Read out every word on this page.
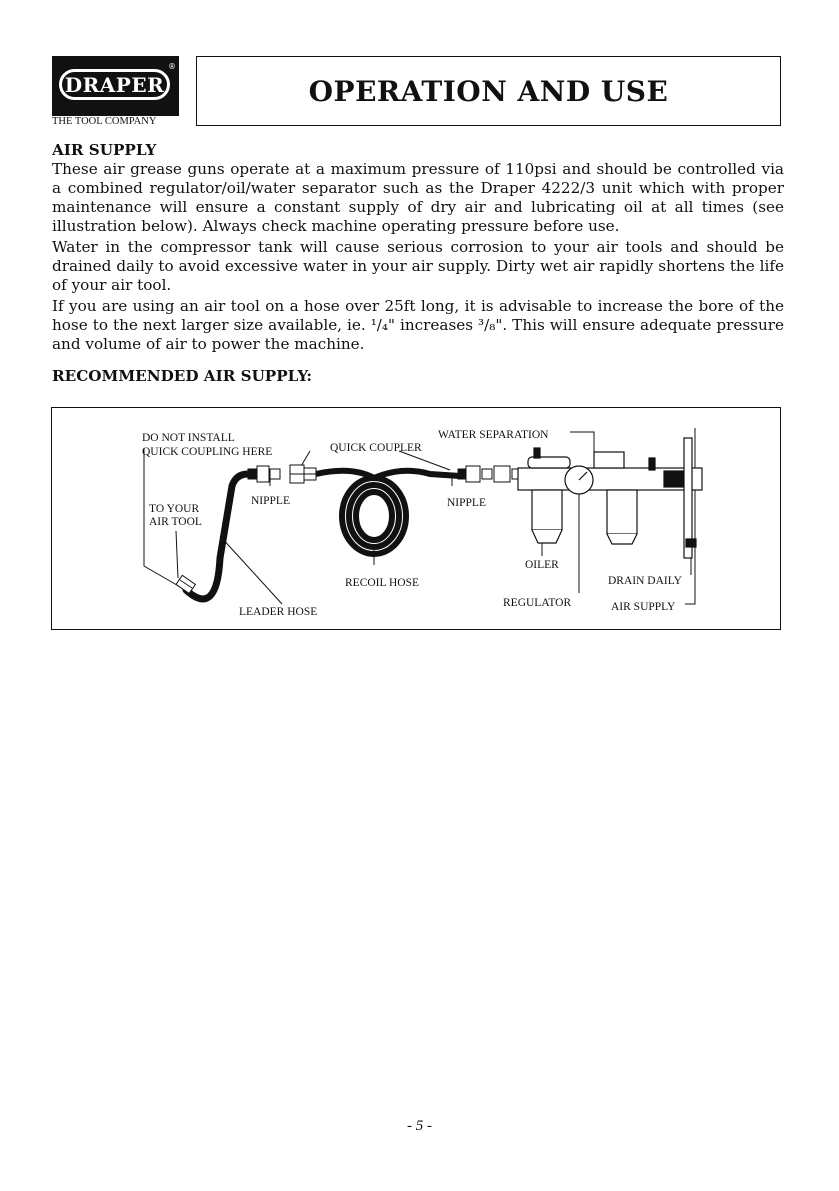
DRAPER
®
THE TOOL COMPANY
OPERATION AND USE
AIR SUPPLY

These air grease guns operate at a maximum pressure of 110psi and should be controlled via a combined regulator/oil/water separator such as the Draper 4222/3 unit which with proper maintenance will ensure a constant supply of dry air and lubricating oil at all times (see illustration below). Always check machine operating pressure before use.

Water in the compressor tank will cause serious corrosion to your air tools and should be drained daily to avoid excessive water in your air supply. Dirty wet air rapidly shortens the life of your air tool.

If you are using an air tool on a hose over 25ft long, it is advisable to increase the bore of the hose to the next larger size available, ie. ¹/₄" increases ³/₈". This will ensure adequate pressure and volume of air to power the machine.

RECOMMENDED AIR SUPPLY:
DO NOT INSTALL
QUICK COUPLING HERE	QUICK COUPLER
WATER SEPARATION
NIPPLE	NIPPLE
TO YOUR
AIR TOOL
RECOIL HOSE
LEADER HOSE
OILER
DRAIN DAILY
REGULATOR	AIR SUPPLY
- 5 -
